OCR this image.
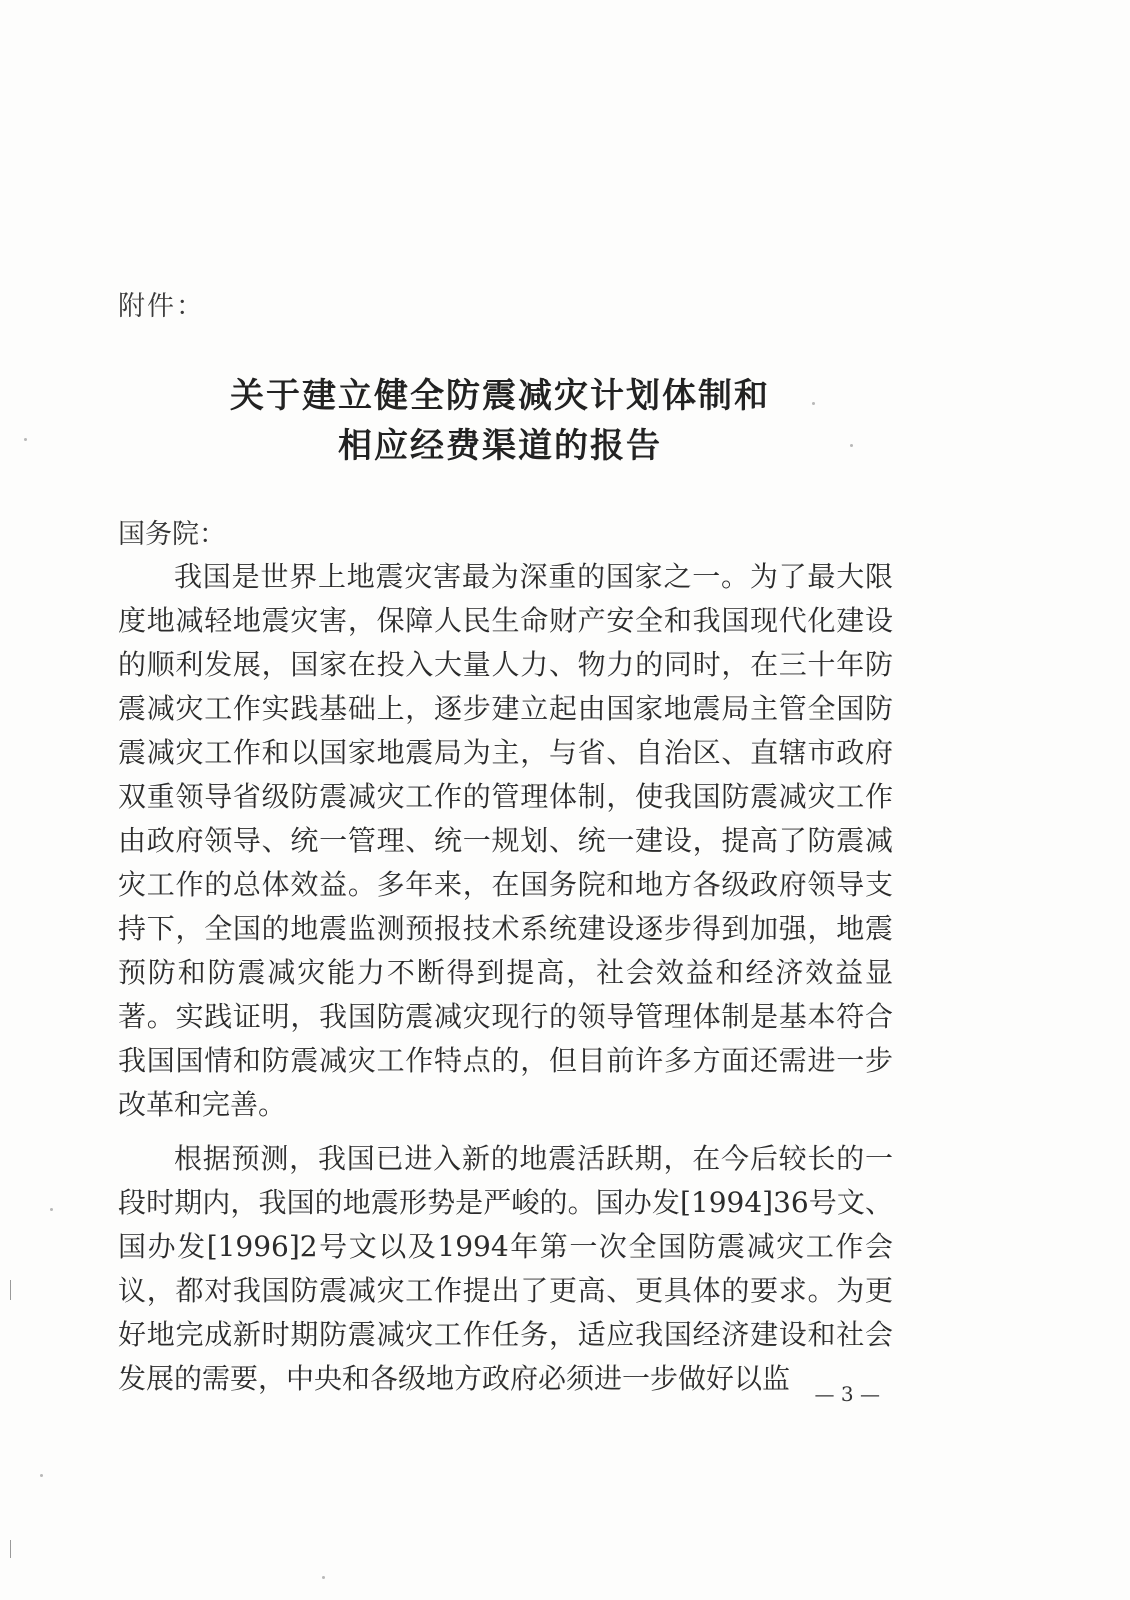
附件：
关于建立健全防震减灾计划体制和
相应经费渠道的报告
国务院：

我国是世界上地震灾害最为深重的国家之一。为了最大限度地减轻地震灾害，保障人民生命财产安全和我国现代化建设的顺利发展，国家在投入大量人力、物力的同时，在三十年防震减灾工作实践基础上，逐步建立起由国家地震局主管全国防震减灾工作和以国家地震局为主，与省、自治区、直辖市政府双重领导省级防震减灾工作的管理体制，使我国防震减灾工作由政府领导、统一管理、统一规划、统一建设，提高了防震减灾工作的总体效益。多年来，在国务院和地方各级政府领导支持下，全国的地震监测预报技术系统建设逐步得到加强，地震预防和防震减灾能力不断得到提高，社会效益和经济效益显著。实践证明，我国防震减灾现行的领导管理体制是基本符合我国国情和防震减灾工作特点的，但目前许多方面还需进一步改革和完善。

根据预测，我国已进入新的地震活跃期，在今后较长的一段时期内，我国的地震形势是严峻的。国办发[1994]36号文、国办发[1996]2号文以及1994年第一次全国防震减灾工作会议，都对我国防震减灾工作提出了更高、更具体的要求。为更好地完成新时期防震减灾工作任务，适应我国经济建设和社会发展的需要，中央和各级地方政府必须进一步做好以监	— 3 —
